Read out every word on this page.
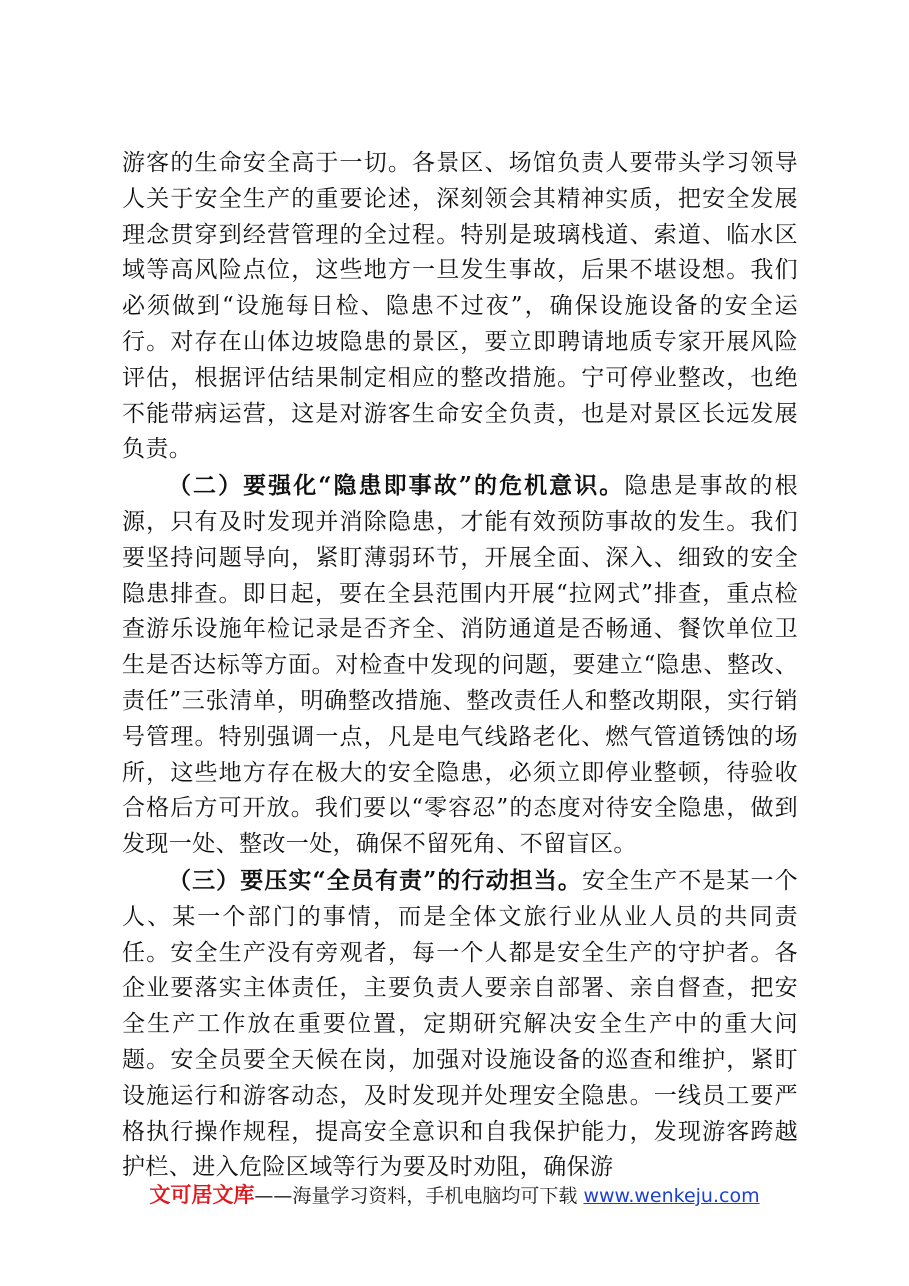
游客的生命安全高于一切。各景区、场馆负责人要带头学习领导人关于安全生产的重要论述，深刻领会其精神实质，把安全发展理念贯穿到经营管理的全过程。特别是玻璃栈道、索道、临水区域等高风险点位，这些地方一旦发生事故，后果不堪设想。我们必须做到“设施每日检、隐患不过夜”，确保设施设备的安全运行。对存在山体边坡隐患的景区，要立即聘请地质专家开展风险评估，根据评估结果制定相应的整改措施。宁可停业整改，也绝不能带病运营，这是对游客生命安全负责，也是对景区长远发展负责。

（二）要强化“隐患即事故”的危机意识。隐患是事故的根源，只有及时发现并消除隐患，才能有效预防事故的发生。我们要坚持问题导向，紧盯薄弱环节，开展全面、深入、细致的安全隐患排查。即日起，要在全县范围内开展“拉网式”排查，重点检查游乐设施年检记录是否齐全、消防通道是否畅通、餐饮单位卫生是否达标等方面。对检查中发现的问题，要建立“隐患、整改、责任”三张清单，明确整改措施、整改责任人和整改期限，实行销号管理。特别强调一点，凡是电气线路老化、燃气管道锈蚀的场所，这些地方存在极大的安全隐患，必须立即停业整顿，待验收合格后方可开放。我们要以“零容忍”的态度对待安全隐患，做到发现一处、整改一处，确保不留死角、不留盲区。

（三）要压实“全员有责”的行动担当。安全生产不是某一个人、某一个部门的事情，而是全体文旅行业从业人员的共同责任。安全生产没有旁观者，每一个人都是安全生产的守护者。各企业要落实主体责任，主要负责人要亲自部署、亲自督查，把安全生产工作放在重要位置，定期研究解决安全生产中的重大问题。安全员要全天候在岗，加强对设施设备的巡查和维护，紧盯设施运行和游客动态，及时发现并处理安全隐患。一线员工要严格执行操作规程，提高安全意识和自我保护能力，发现游客跨越护栏、进入危险区域等行为要及时劝阻，确保游

文可居文库——海量学习资料，手机电脑均可下载 www.wenkeju.com
